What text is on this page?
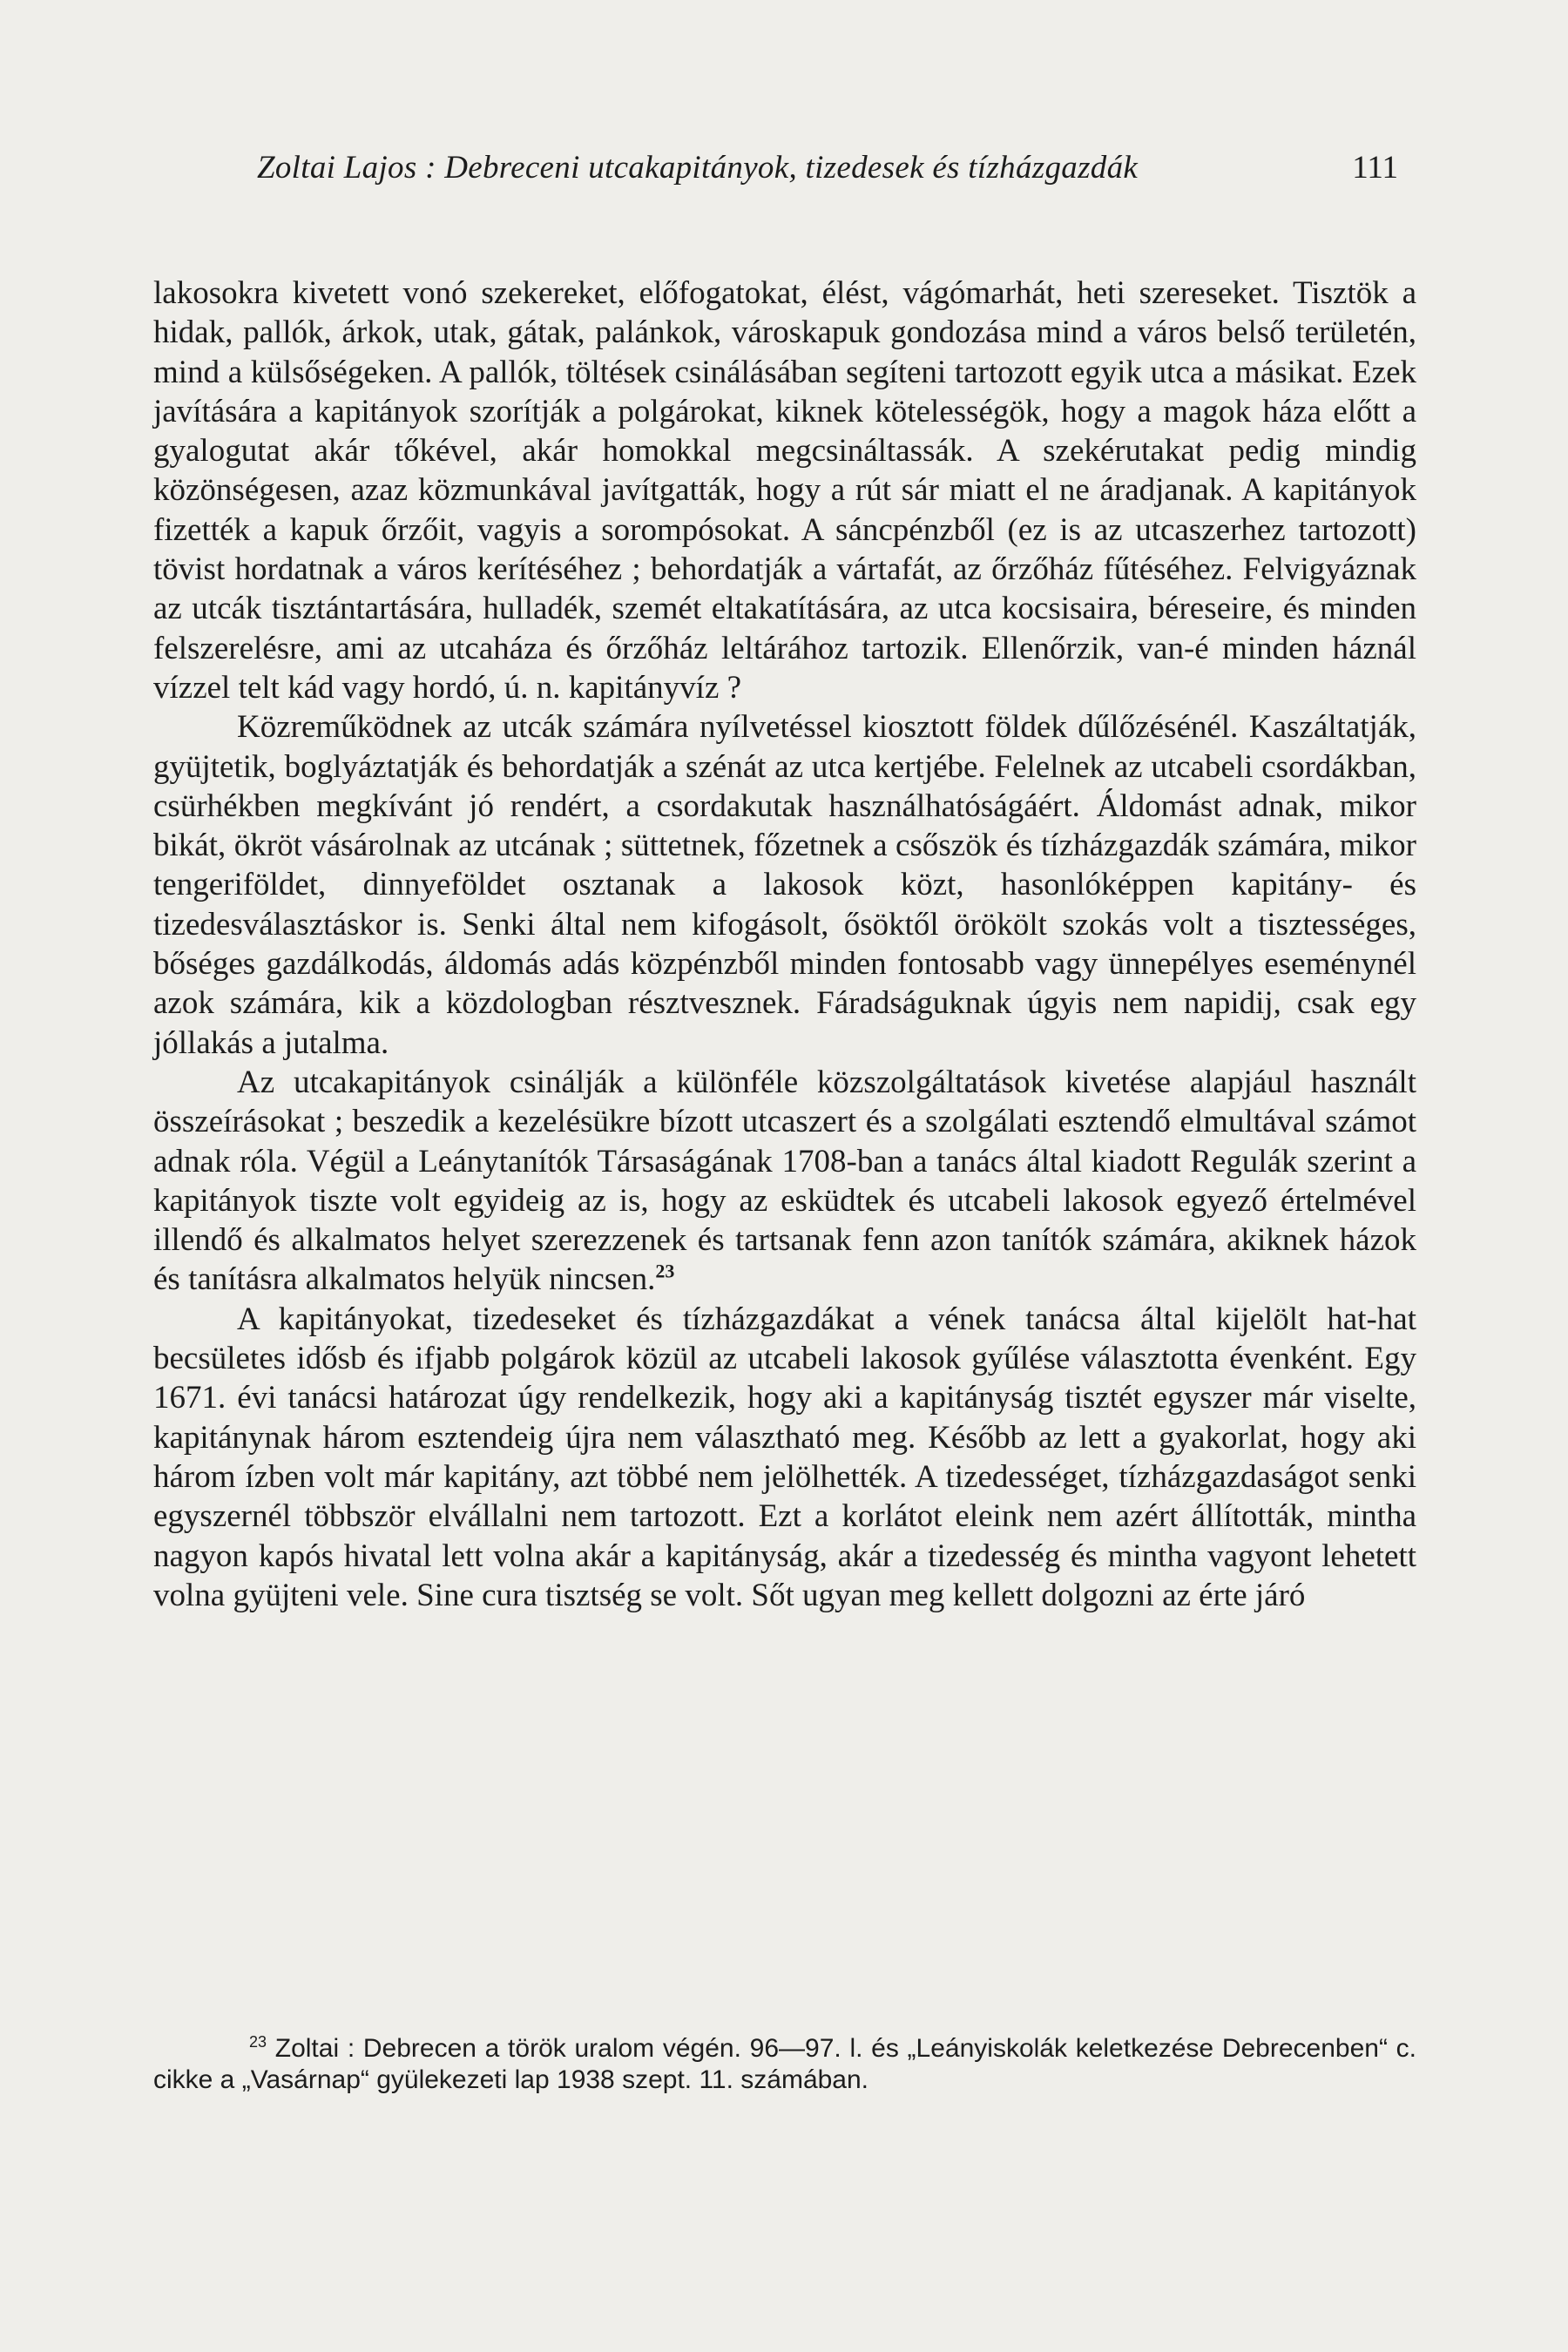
Zoltai Lajos : Debreceni utcakapitányok, tizedesek és tízházgazdák	111

lakosokra kivetett vonó szekereket, előfogatokat, élést, vágómarhát, heti szereseket. Tisztök a hidak, pallók, árkok, utak, gátak, palánkok, városkapuk gondozása mind a város belső területén, mind a külsőségeken. A pallók, töltések csinálásában segíteni tartozott egyik utca a másikat. Ezek javítására a kapitányok szorítják a polgárokat, kiknek kötelességök, hogy a magok háza előtt a gyalogutat akár tőkével, akár homokkal megcsináltassák. A szekérutakat pedig mindig közönségesen, azaz közmunkával javítgatták, hogy a rút sár miatt el ne áradjanak. A kapitányok fizették a kapuk őrzőit, vagyis a sorompósokat. A sáncpénzből (ez is az utcaszerhez tartozott) tövist hordatnak a város kerítéséhez ; behordatják a vártafát, az őrzőház fűtéséhez. Felvigyáznak az utcák tisztántartására, hulladék, szemét eltakatítására, az utca kocsisaira, béreseire, és minden felszerelésre, ami az utcaháza és őrzőház leltárához tartozik. Ellenőrzik, van-é minden háznál vízzel telt kád vagy hordó, ú. n. kapitányvíz ?

Közreműködnek az utcák számára nyílvetéssel kiosztott földek dűlőzésénél. Kaszáltatják, gyüjtetik, boglyáztatják és behordatják a szénát az utca kertjébe. Felelnek az utcabeli csordákban, csürhékben megkívánt jó rendért, a csordakutak használhatóságáért. Áldomást adnak, mikor bikát, ökröt vásárolnak az utcának ; süttetnek, főzetnek a csőszök és tízházgazdák számára, mikor tengeriföldet, dinnyeföldet osztanak a lakosok közt, hasonlóképpen kapitány- és tizedesválasztáskor is. Senki által nem kifogásolt, ősöktől örökölt szokás volt a tisztességes, bőséges gazdálkodás, áldomás adás közpénzből minden fontosabb vagy ünnepélyes eseménynél azok számára, kik a közdologban résztvesznek. Fáradságuknak úgyis nem napidij, csak egy jóllakás a jutalma.

Az utcakapitányok csinálják a különféle közszolgáltatások kivetése alapjául használt összeírásokat ; beszedik a kezelésükre bízott utcaszert és a szolgálati esztendő elmultával számot adnak róla. Végül a Leánytanítók Társaságának 1708-ban a tanács által kiadott Regulák szerint a kapitányok tiszte volt egyideig az is, hogy az esküdtek és utcabeli lakosok egyező értelmével illendő és alkalmatos helyet szerezzenek és tartsanak fenn azon tanítók számára, akiknek házok és tanításra alkalmatos helyük nincsen.$^{23}$

A kapitányokat, tizedeseket és tízházgazdákat a vének tanácsa által kijelölt hat-hat becsületes idősb és ifjabb polgárok közül az utcabeli lakosok gyűlése választotta évenként. Egy 1671. évi tanácsi határozat úgy rendelkezik, hogy aki a kapitányság tisztét egyszer már viselte, kapitánynak három esztendeig újra nem választható meg. Később az lett a gyakorlat, hogy aki három ízben volt már kapitány, azt többé nem jelölhették. A tizedességet, tízházgazdaságot senki egyszernél többször elvállalni nem tartozott. Ezt a korlátot eleink nem azért állították, mintha nagyon kapós hivatal lett volna akár a kapitányság, akár a tizedesség és mintha vagyont lehetett volna gyüjteni vele. Sine cura tisztség se volt. Sőt ugyan meg kellett dolgozni az érte járó

$^{23}$ Zoltai : Debrecen a török uralom végén. 96—97. l. és „Leányiskolák keletkezése Debrecenben“ c. cikke a „Vasárnap“ gyülekezeti lap 1938 szept. 11. számában.
